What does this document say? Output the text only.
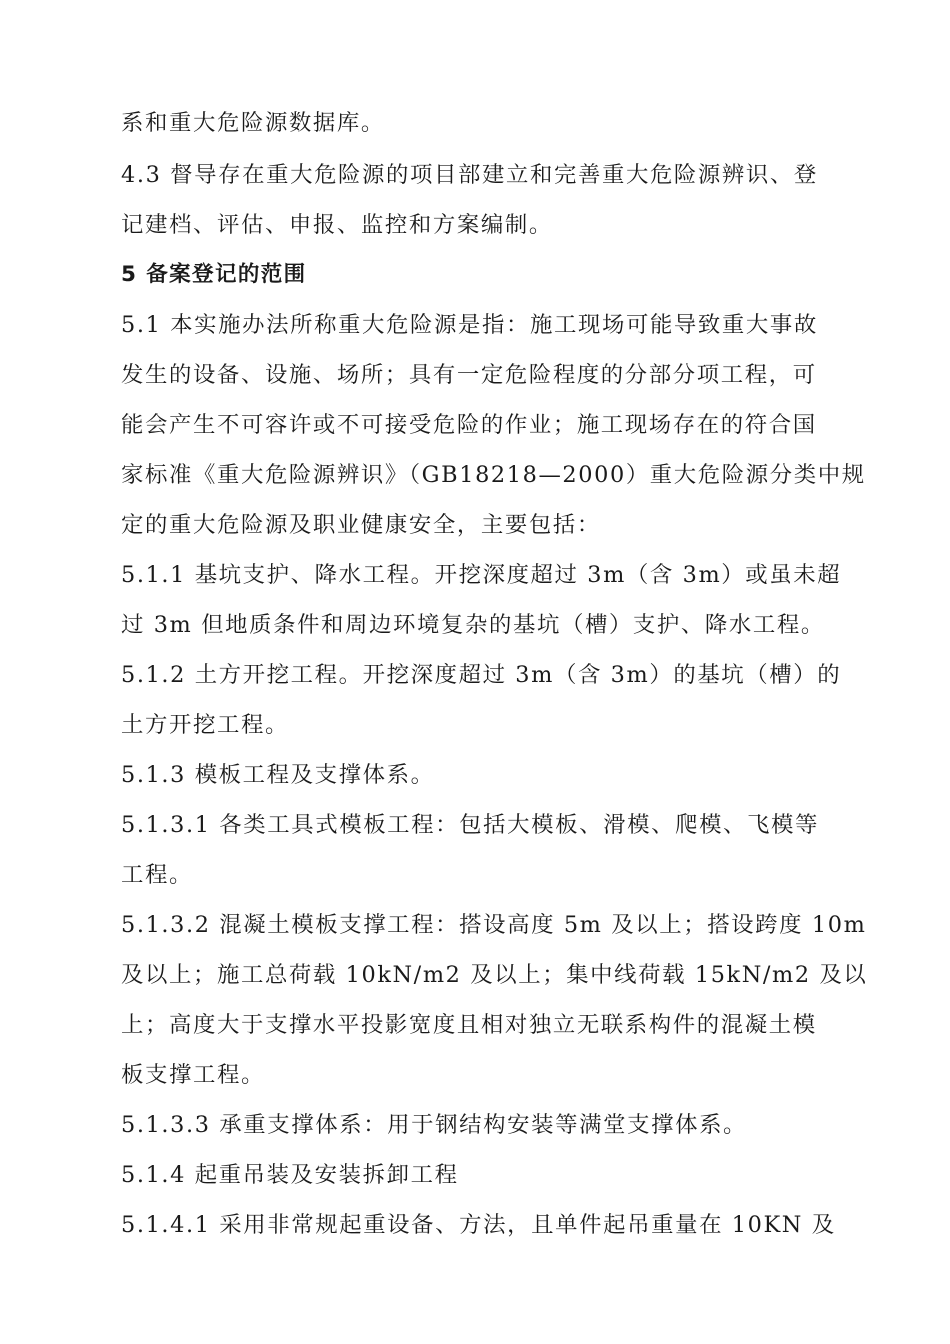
系和重大危险源数据库。
4.3 督导存在重大危险源的项目部建立和完善重大危险源辨识、登
记建档、评估、申报、监控和方案编制。
5 备案登记的范围
5.1 本实施办法所称重大危险源是指：施工现场可能导致重大事故
发生的设备、设施、场所；具有一定危险程度的分部分项工程，可
能会产生不可容许或不可接受危险的作业；施工现场存在的符合国
家标准《重大危险源辨识》（GB18218—2000）重大危险源分类中规
定的重大危险源及职业健康安全，主要包括：
5.1.1 基坑支护、降水工程。开挖深度超过 3m（含 3m）或虽未超
过 3m 但地质条件和周边环境复杂的基坑（槽）支护、降水工程。
5.1.2 土方开挖工程。开挖深度超过 3m（含 3m）的基坑（槽）的
土方开挖工程。
5.1.3 模板工程及支撑体系。
5.1.3.1 各类工具式模板工程：包括大模板、滑模、爬模、飞模等
工程。
5.1.3.2 混凝土模板支撑工程：搭设高度 5m 及以上；搭设跨度 10m
及以上；施工总荷载 10kN/m2 及以上；集中线荷载 15kN/m2 及以
上；高度大于支撑水平投影宽度且相对独立无联系构件的混凝土模
板支撑工程。
5.1.3.3 承重支撑体系：用于钢结构安装等满堂支撑体系。
5.1.4 起重吊装及安装拆卸工程
5.1.4.1 采用非常规起重设备、方法，且单件起吊重量在 10KN 及
